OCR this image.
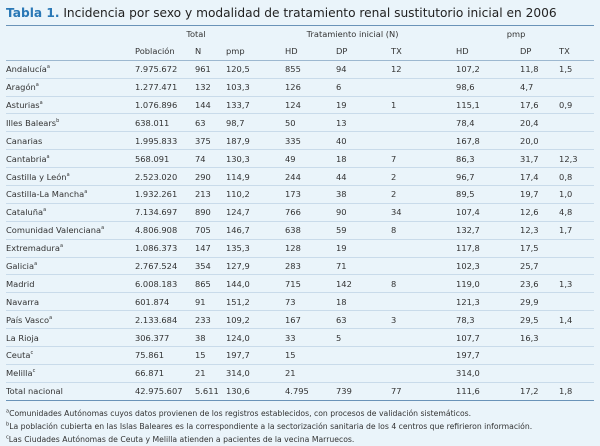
Tabla 1. Incidencia por sexo y modalidad de tratamiento renal sustitutorio inicial en 2006
	Total			Tratamiento inicial (N)			pmp		
	Población	N	pmp	HD	DP	TX	HD	DP	TX
Andalucía$^a$	7.975.672	961	120,5	855	94	12	107,2	11,8	1,5
Aragón$^a$	1.277.471	132	103,3	126	6		98,6	4,7	
Asturias$^a$	1.076.896	144	133,7	124	19	1	115,1	17,6	0,9
Illes Balears$^b$	638.011	63	98,7	50	13		78,4	20,4	
Canarias	1.995.833	375	187,9	335	40		167,8	20,0	
Cantabria$^a$	568.091	74	130,3	49	18	7	86,3	31,7	12,3
Castilla y León$^a$	2.523.020	290	114,9	244	44	2	96,7	17,4	0,8
Castilla-La Mancha$^a$	1.932.261	213	110,2	173	38	2	89,5	19,7	1,0
Cataluña$^a$	7.134.697	890	124,7	766	90	34	107,4	12,6	4,8
Comunidad Valenciana$^a$	4.806.908	705	146,7	638	59	8	132,7	12,3	1,7
Extremadura$^a$	1.086.373	147	135,3	128	19		117,8	17,5	
Galicia$^a$	2.767.524	354	127,9	283	71		102,3	25,7	
Madrid	6.008.183	865	144,0	715	142	8	119,0	23,6	1,3
Navarra	601.874	91	151,2	73	18		121,3	29,9	
País Vasco$^a$	2.133.684	233	109,2	167	63	3	78,3	29,5	1,4
La Rioja	306.377	38	124,0	33	5		107,7	16,3	
Ceuta$^c$	75.861	15	197,7	15			197,7		
Melilla$^c$	66.871	21	314,0	21			314,0		
Total nacional	42.975.607	5.611	130,6	4.795	739	77	111,6	17,2	1,8
$^a$Comunidades Autónomas cuyos datos provienen de los registros establecidos, con procesos de validación sistemáticos.
$^b$La población cubierta en las Islas Baleares es la correspondiente a la sectorización sanitaria de los 4 centros que refirieron información.
$^c$Las Ciudades Autónomas de Ceuta y Melilla atienden a pacientes de la vecina Marruecos.
